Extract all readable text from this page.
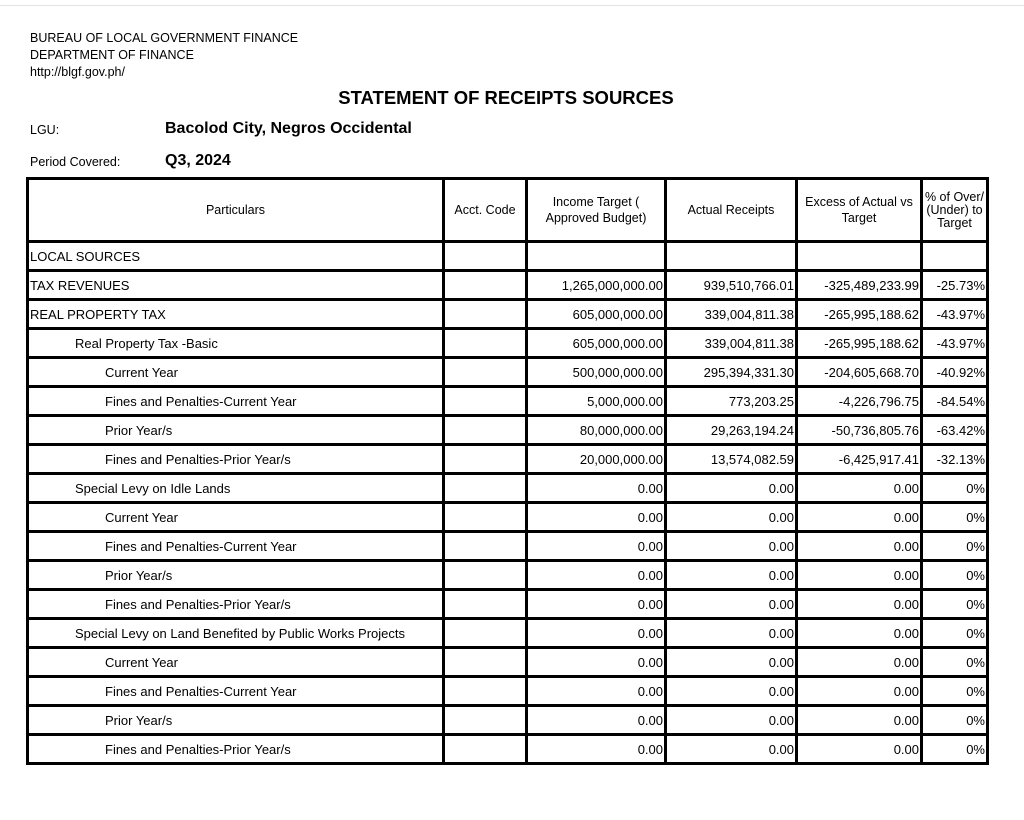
BUREAU OF LOCAL GOVERNMENT FINANCE
DEPARTMENT OF FINANCE
http://blgf.gov.ph/
STATEMENT OF RECEIPTS SOURCES
LGU:	Bacolod City, Negros Occidental
Period Covered:	Q3, 2024
Particulars	Acct. Code	Income Target ( Approved Budget)	Actual Receipts	Excess of Actual vs Target	% of Over/ (Under) to Target
LOCAL SOURCES					
TAX REVENUES		1,265,000,000.00	939,510,766.01	-325,489,233.99	-25.73%
REAL PROPERTY TAX		605,000,000.00	339,004,811.38	-265,995,188.62	-43.97%
Real Property Tax -Basic		605,000,000.00	339,004,811.38	-265,995,188.62	-43.97%
Current Year		500,000,000.00	295,394,331.30	-204,605,668.70	-40.92%
Fines and Penalties-Current Year		5,000,000.00	773,203.25	-4,226,796.75	-84.54%
Prior Year/s		80,000,000.00	29,263,194.24	-50,736,805.76	-63.42%
Fines and Penalties-Prior Year/s		20,000,000.00	13,574,082.59	-6,425,917.41	-32.13%
Special Levy on Idle Lands		0.00	0.00	0.00	0%
Current Year		0.00	0.00	0.00	0%
Fines and Penalties-Current Year		0.00	0.00	0.00	0%
Prior Year/s		0.00	0.00	0.00	0%
Fines and Penalties-Prior Year/s		0.00	0.00	0.00	0%
Special Levy on Land Benefited by Public Works Projects		0.00	0.00	0.00	0%
Current Year		0.00	0.00	0.00	0%
Fines and Penalties-Current Year		0.00	0.00	0.00	0%
Prior Year/s		0.00	0.00	0.00	0%
Fines and Penalties-Prior Year/s		0.00	0.00	0.00	0%
